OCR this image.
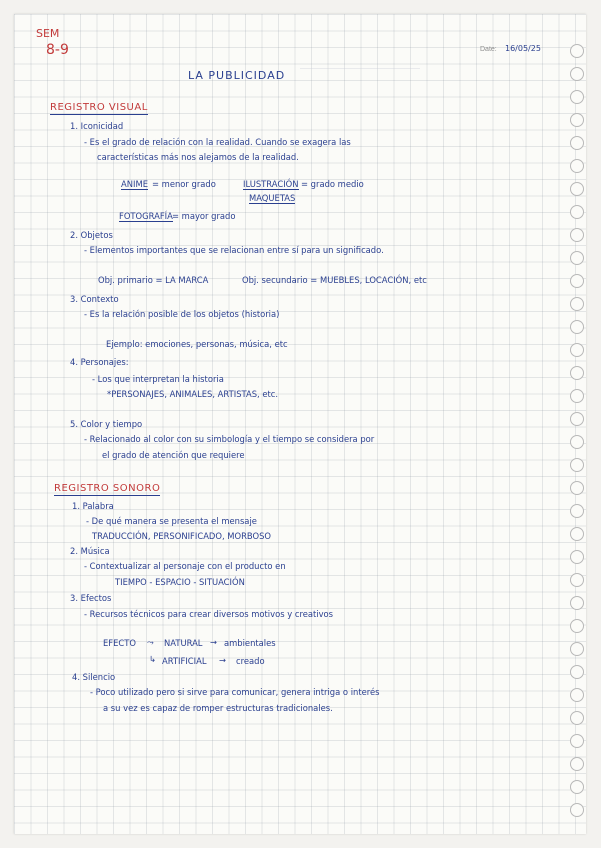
SEM
8-9	Date: 16/05/25
LA PUBLICIDAD
REGISTRO VISUAL
1. Iconicidad
- Es el grado de relación con la realidad. Cuando se exagera las
características más nos alejamos de la realidad.
ANIME = menor grado	ILUSTRACIÓN = grado medio
MAQUETAS
FOTOGRAFÍA = mayor grado
2. Objetos
- Elementos importantes que se relacionan entre sí para un significado.
Obj. primario = LA MARCA	Obj. secundario = MUEBLES, LOCACIÓN, etc
3. Contexto
- Es la relación posible de los objetos (historia)
Ejemplo: emociones, personas, música, etc
4. Personajes:
- Los que interpretan la historia
*PERSONAJES, ANIMALES, ARTISTAS, etc.
5. Color y tiempo
- Relacionado al color con su simbología y el tiempo se considera por
el grado de atención que requiere
REGISTRO SONORO
1. Palabra
- De qué manera se presenta el mensaje
TRADUCCIÓN, PERSONIFICADO, MORBOSO
2. Música
- Contextualizar al personaje con el producto en
TIEMPO - ESPACIO - SITUACIÓN
3. Efectos
- Recursos técnicos para crear diversos motivos y creativos
EFECTO ⤳ NATURAL → ambientales
↳ ARTIFICIAL → creado
4. Silencio
- Poco utilizado pero si sirve para comunicar, genera intriga o interés
a su vez es capaz de romper estructuras tradicionales.
